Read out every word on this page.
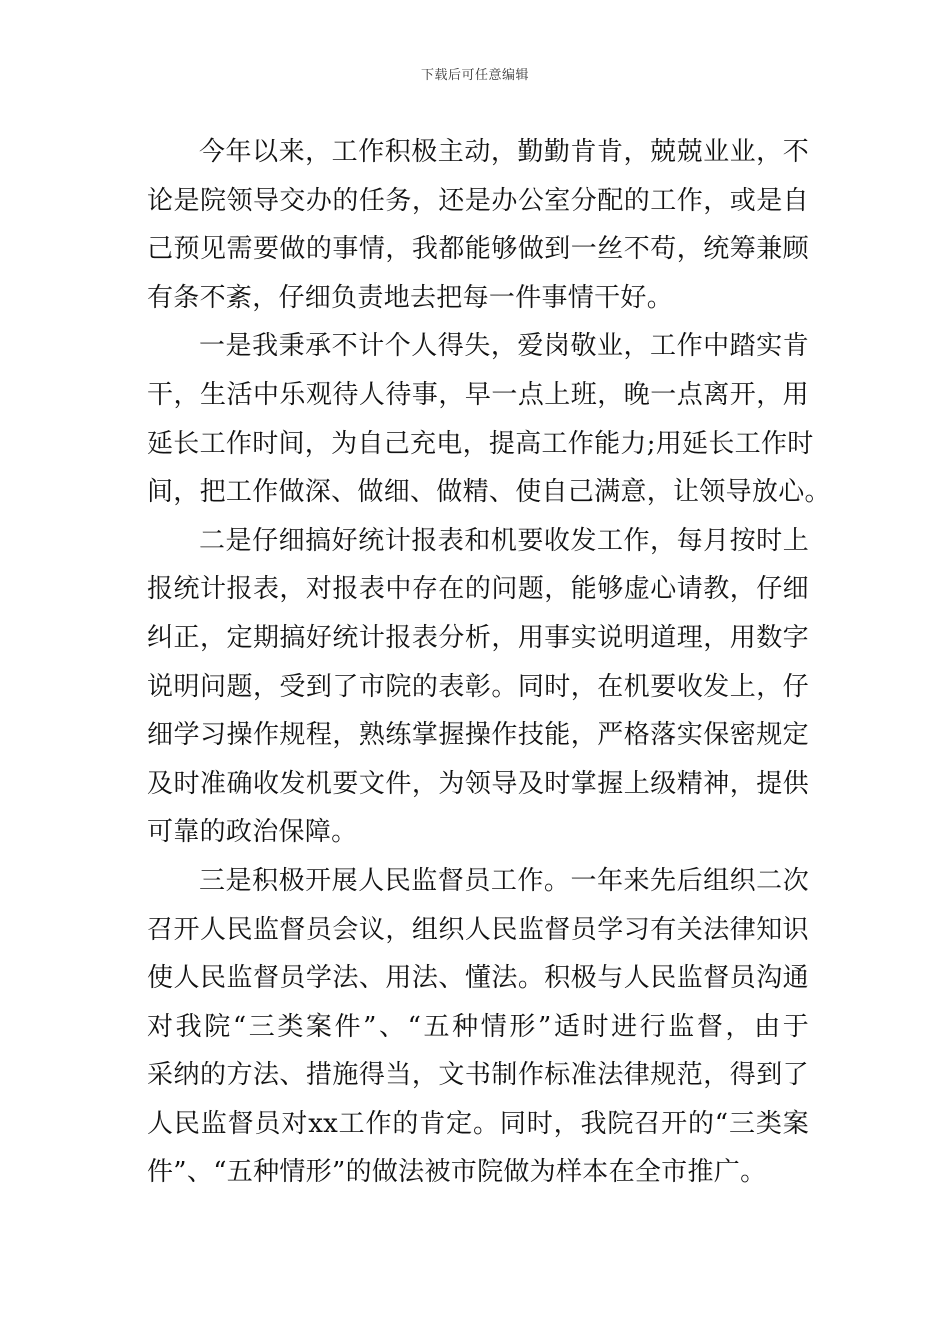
下载后可任意编辑
今年以来，工作积极主动，勤勤肯肯，兢兢业业，不
论是院领导交办的任务，还是办公室分配的工作，或是自
己预见需要做的事情，我都能够做到一丝不苟，统筹兼顾
有条不紊，仔细负责地去把每一件事情干好。
一是我秉承不计个人得失，爱岗敬业，工作中踏实肯
干，生活中乐观待人待事，早一点上班，晚一点离开，用
延长工作时间，为自己充电，提高工作能力;用延长工作时
间，把工作做深、做细、做精、使自己满意，让领导放心。
二是仔细搞好统计报表和机要收发工作，每月按时上
报统计报表，对报表中存在的问题，能够虚心请教，仔细
纠正，定期搞好统计报表分析，用事实说明道理，用数字
说明问题，受到了市院的表彰。同时，在机要收发上，仔
细学习操作规程，熟练掌握操作技能，严格落实保密规定
及时准确收发机要文件，为领导及时掌握上级精神，提供
可靠的政治保障。
三是积极开展人民监督员工作。一年来先后组织二次
召开人民监督员会议，组织人民监督员学习有关法律知识
使人民监督员学法、用法、懂法。积极与人民监督员沟通
对我院“三类案件”、“五种情形”适时进行监督，由于
采纳的方法、措施得当，文书制作标准法律规范，得到了
人民监督员对xx工作的肯定。同时，我院召开的“三类案
件”、“五种情形”的做法被市院做为样本在全市推广。
